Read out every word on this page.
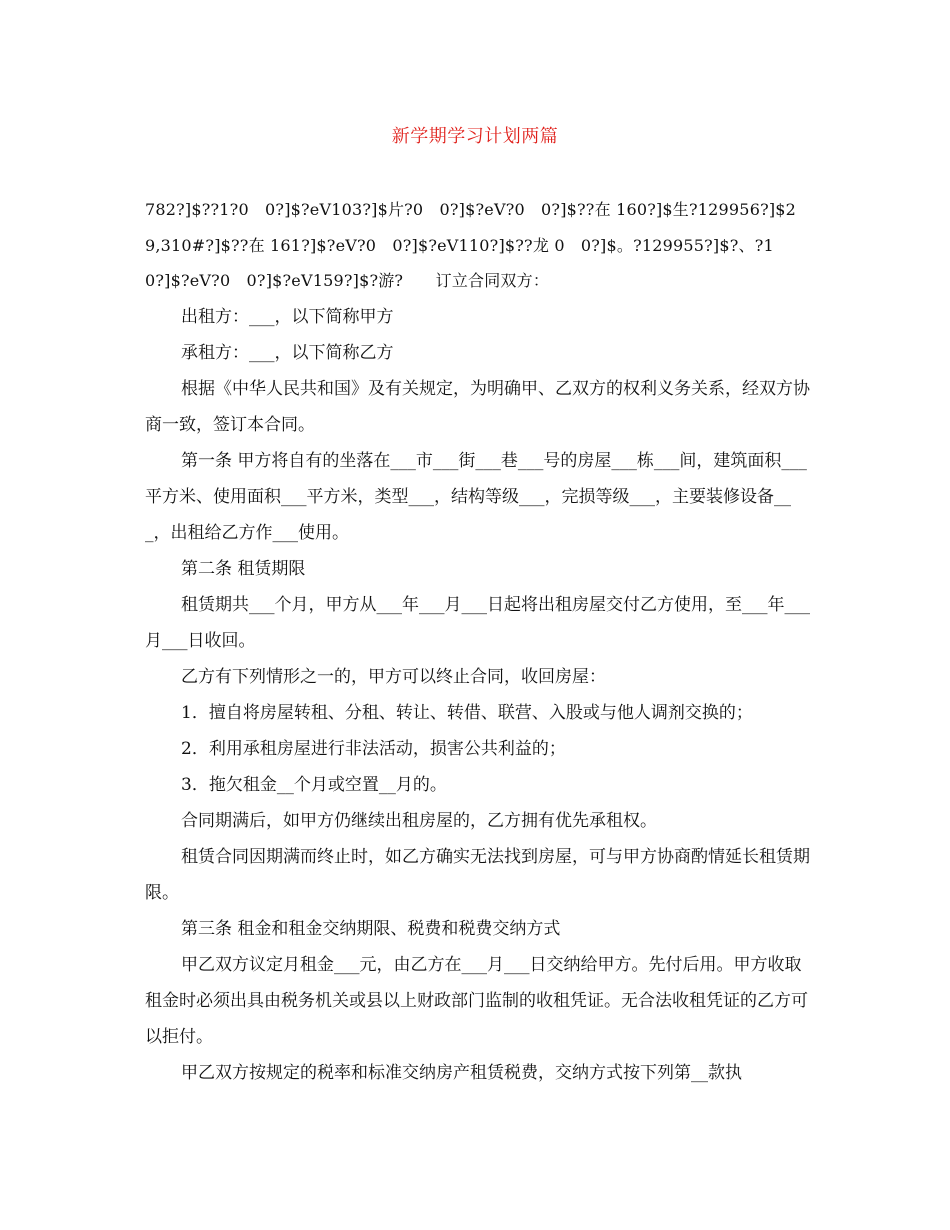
新学期学习计划两篇

782?]$??1?0　0?]$?eV103?]$片?0　0?]$?eV?0　0?]$??在 160?]$生?129956?]$29,310#?]$??在 161?]$?eV?0　0?]$?eV110?]$??龙 0　0?]$。?129955?]$?、?1　0?]$?eV?0　0?]$?eV159?]$?游?　　订立合同双方：

出租方：___，以下简称甲方

承租方：___，以下简称乙方

根据《中华人民共和国》及有关规定，为明确甲、乙双方的权利义务关系，经双方协商一致，签订本合同。

第一条 甲方将自有的坐落在___市___街___巷___号的房屋___栋___间，建筑面积___平方米、使用面积___平方米，类型___，结构等级___，完损等级___，主要装修设备___，出租给乙方作___使用。

第二条 租赁期限

租赁期共___个月，甲方从___年___月___日起将出租房屋交付乙方使用，至___年___月___日收回。

乙方有下列情形之一的，甲方可以终止合同，收回房屋：

1．擅自将房屋转租、分租、转让、转借、联营、入股或与他人调剂交换的；

2．利用承租房屋进行非法活动，损害公共利益的；

3．拖欠租金__个月或空置__月的。

合同期满后，如甲方仍继续出租房屋的，乙方拥有优先承租权。

租赁合同因期满而终止时，如乙方确实无法找到房屋，可与甲方协商酌情延长租赁期限。

第三条 租金和租金交纳期限、税费和税费交纳方式

甲乙双方议定月租金___元，由乙方在___月___日交纳给甲方。先付后用。甲方收取租金时必须出具由税务机关或县以上财政部门监制的收租凭证。无合法收租凭证的乙方可以拒付。

甲乙双方按规定的税率和标准交纳房产租赁税费，交纳方式按下列第__款执
